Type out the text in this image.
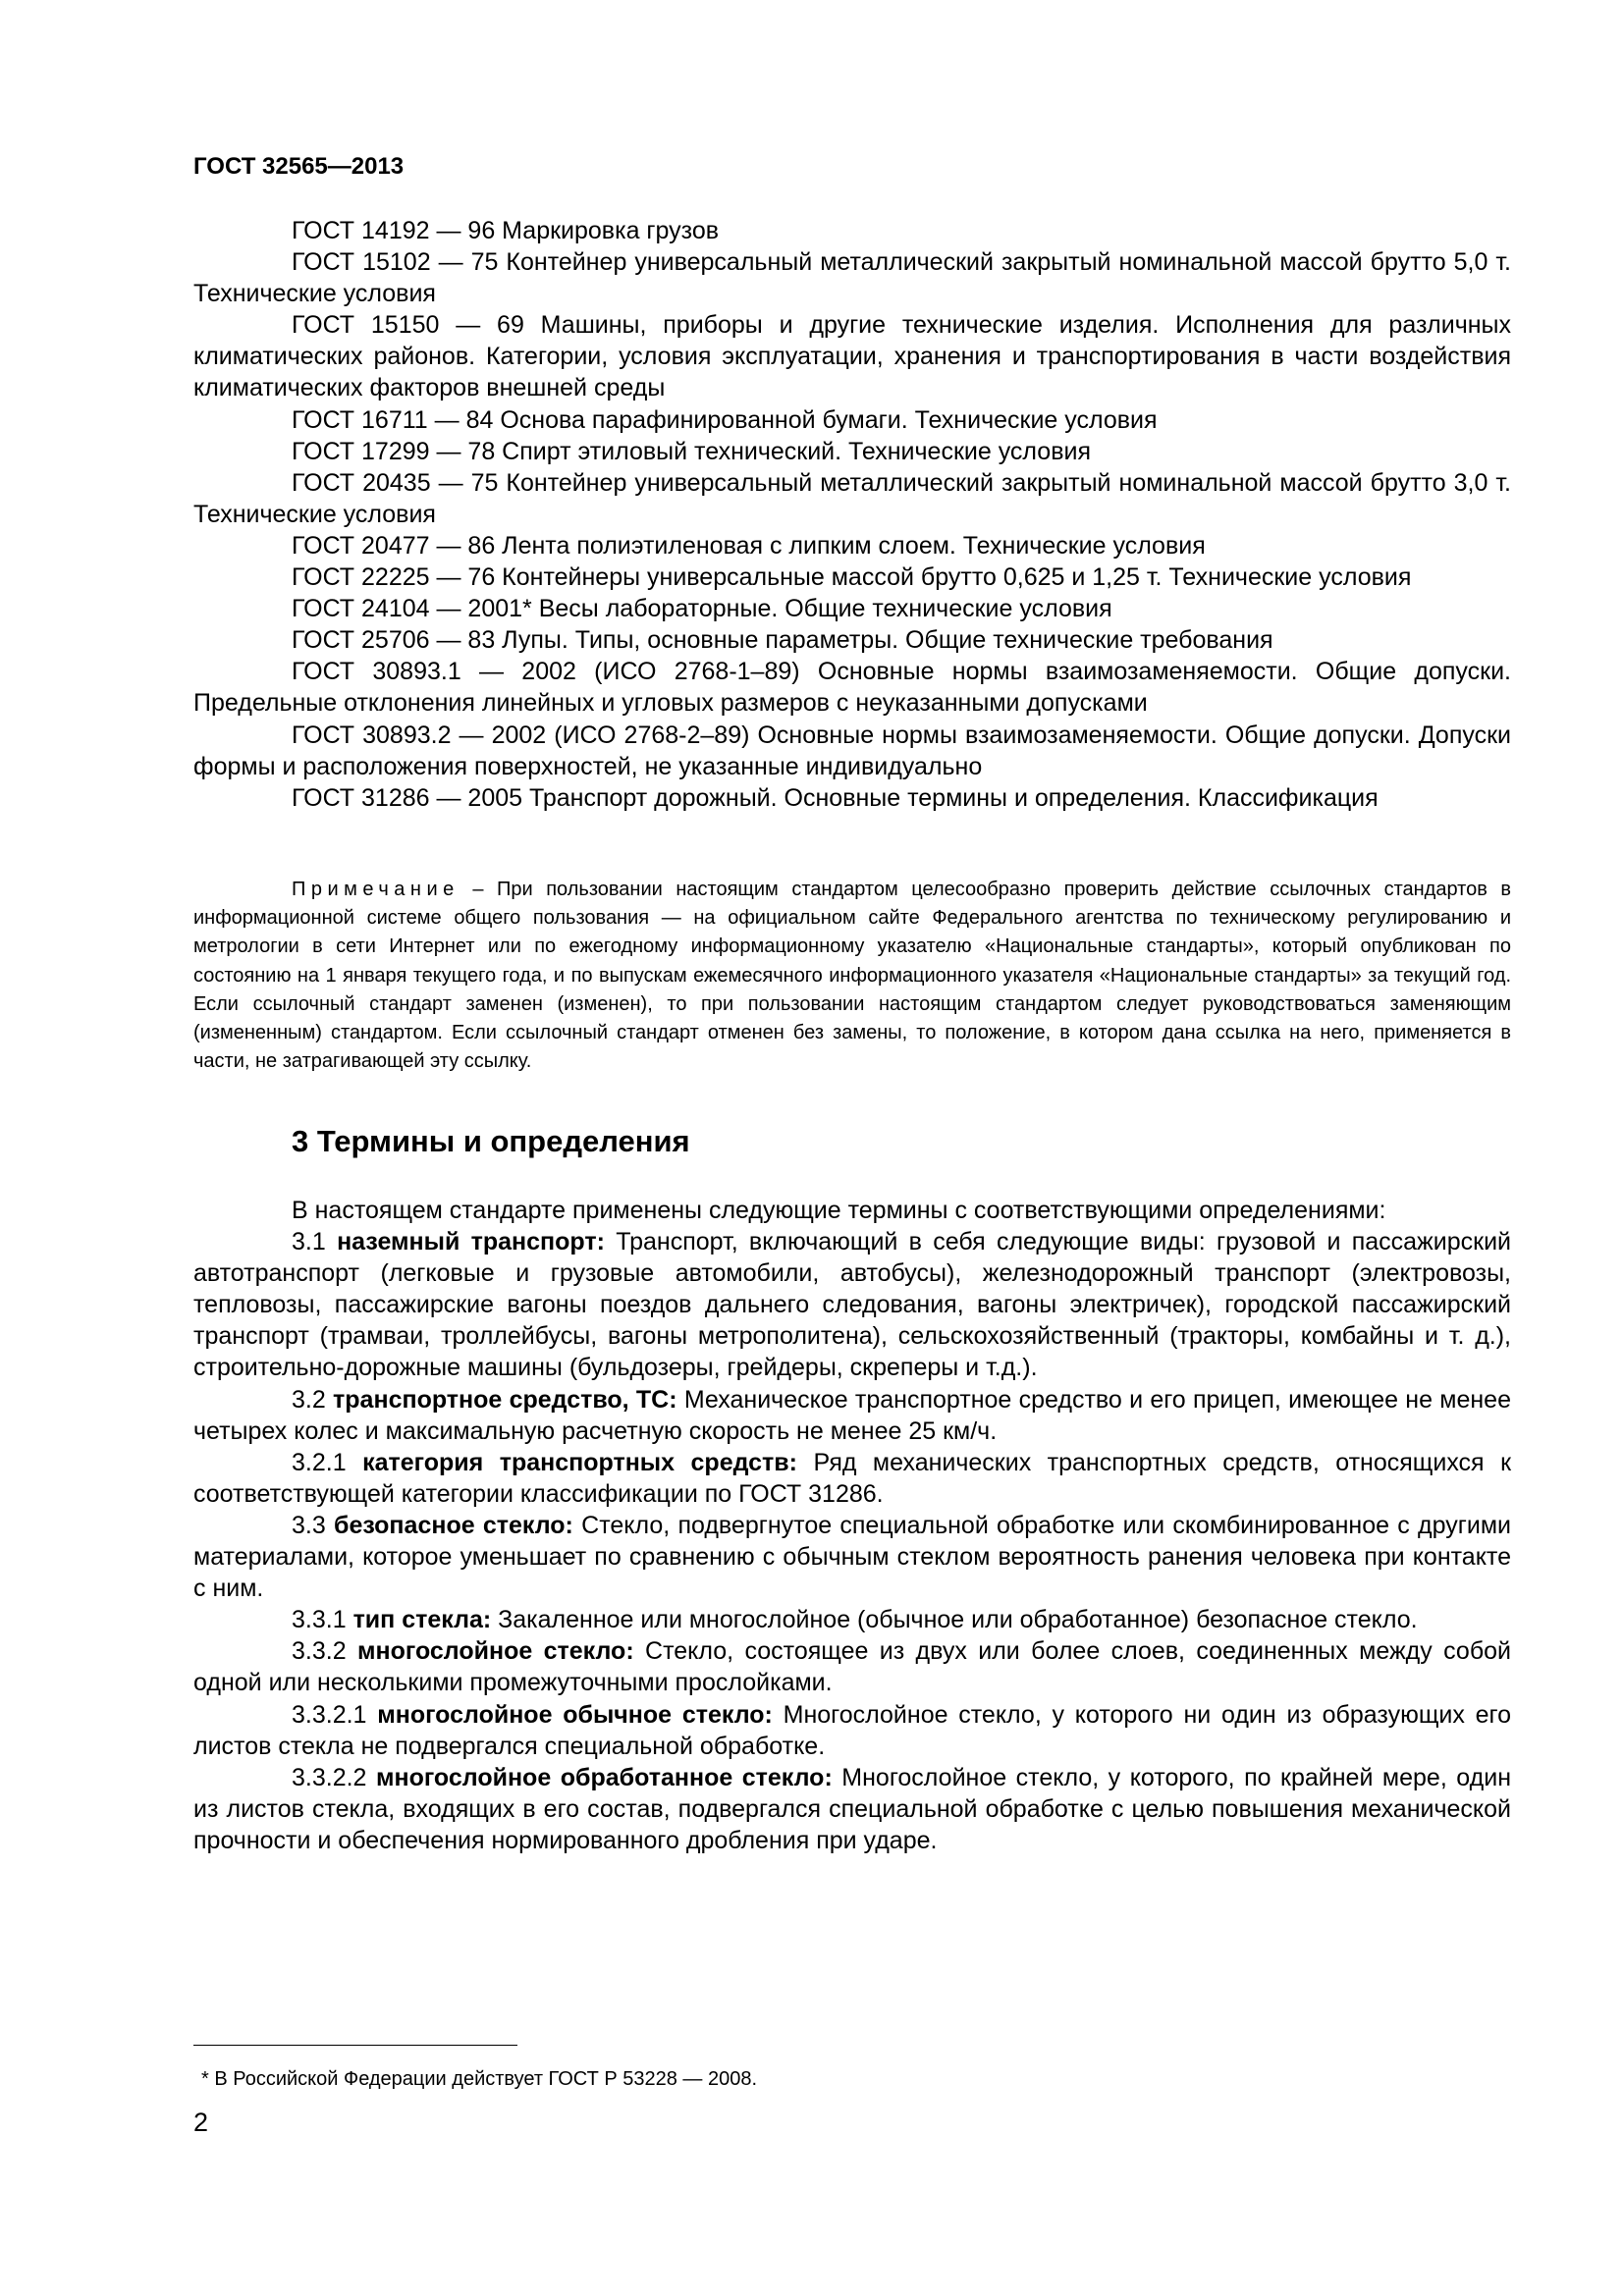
ГОСТ 32565—2013

ГОСТ 14192 — 96 Маркировка грузов

ГОСТ 15102 — 75 Контейнер универсальный металлический закрытый номинальной массой брутто 5,0 т. Технические условия

ГОСТ 15150 — 69 Машины, приборы и другие технические изделия. Исполнения для различных климатических районов. Категории, условия эксплуатации, хранения и транспортирования в части воздействия климатических факторов внешней среды

ГОСТ 16711 — 84 Основа парафинированной бумаги. Технические условия

ГОСТ 17299 — 78 Спирт этиловый технический. Технические условия

ГОСТ 20435 — 75 Контейнер универсальный металлический закрытый номинальной массой брутто 3,0 т. Технические условия

ГОСТ 20477 — 86 Лента полиэтиленовая с липким слоем. Технические условия

ГОСТ 22225 — 76 Контейнеры универсальные массой брутто 0,625 и 1,25 т. Технические условия

ГОСТ 24104 — 2001* Весы лабораторные. Общие технические условия

ГОСТ 25706 — 83 Лупы. Типы, основные параметры. Общие технические требования

ГОСТ 30893.1 — 2002 (ИСО 2768-1–89) Основные нормы взаимозаменяемости. Общие допуски. Предельные отклонения линейных и угловых размеров с неуказанными допусками

ГОСТ 30893.2 — 2002 (ИСО 2768-2–89) Основные нормы взаимозаменяемости. Общие допуски. Допуски формы и расположения поверхностей, не указанные индивидуально

ГОСТ 31286 — 2005 Транспорт дорожный. Основные термины и определения. Классификация

Примечание – При пользовании настоящим стандартом целесообразно проверить действие ссылочных стандартов в информационной системе общего пользования — на официальном сайте Федерального агентства по техническому регулированию и метрологии в сети Интернет или по ежегодному информационному указателю «Национальные стандарты», который опубликован по состоянию на 1 января текущего года, и по выпускам ежемесячного информационного указателя «Национальные стандарты» за текущий год. Если ссылочный стандарт заменен (изменен), то при пользовании настоящим стандартом следует руководствоваться заменяющим (измененным) стандартом. Если ссылочный стандарт отменен без замены, то положение, в котором дана ссылка на него, применяется в части, не затрагивающей эту ссылку.

3 Термины и определения

В настоящем стандарте применены следующие термины с соответствующими определениями:

3.1 наземный транспорт: Транспорт, включающий в себя следующие виды: грузовой и пассажирский автотранспорт (легковые и грузовые автомобили, автобусы), железнодорожный транспорт (электровозы, тепловозы, пассажирские вагоны поездов дальнего следования, вагоны электричек), городской пассажирский транспорт (трамваи, троллейбусы, вагоны метрополитена), сельскохозяйственный (тракторы, комбайны и т. д.), строительно-дорожные машины (бульдозеры, грейдеры, скреперы и т.д.).

3.2 транспортное средство, ТС: Механическое транспортное средство и его прицеп, имеющее не менее четырех колес и максимальную расчетную скорость не менее 25 км/ч.

3.2.1 категория транспортных средств: Ряд механических транспортных средств, относящихся к соответствующей категории классификации по ГОСТ 31286.

3.3 безопасное стекло: Стекло, подвергнутое специальной обработке или скомбинированное с другими материалами, которое уменьшает по сравнению с обычным стеклом вероятность ранения человека при контакте с ним.

3.3.1 тип стекла: Закаленное или многослойное (обычное или обработанное) безопасное стекло.

3.3.2 многослойное стекло: Стекло, состоящее из двух или более слоев, соединенных между собой одной или несколькими промежуточными прослойками.

3.3.2.1 многослойное обычное стекло: Многослойное стекло, у которого ни один из образующих его листов стекла не подвергался специальной обработке.

3.3.2.2 многослойное обработанное стекло: Многослойное стекло, у которого, по крайней мере, один из листов стекла, входящих в его состав, подвергался специальной обработке с целью повышения механической прочности и обеспечения нормированного дробления при ударе.

* В Российской Федерации действует ГОСТ Р 53228 — 2008.
2
